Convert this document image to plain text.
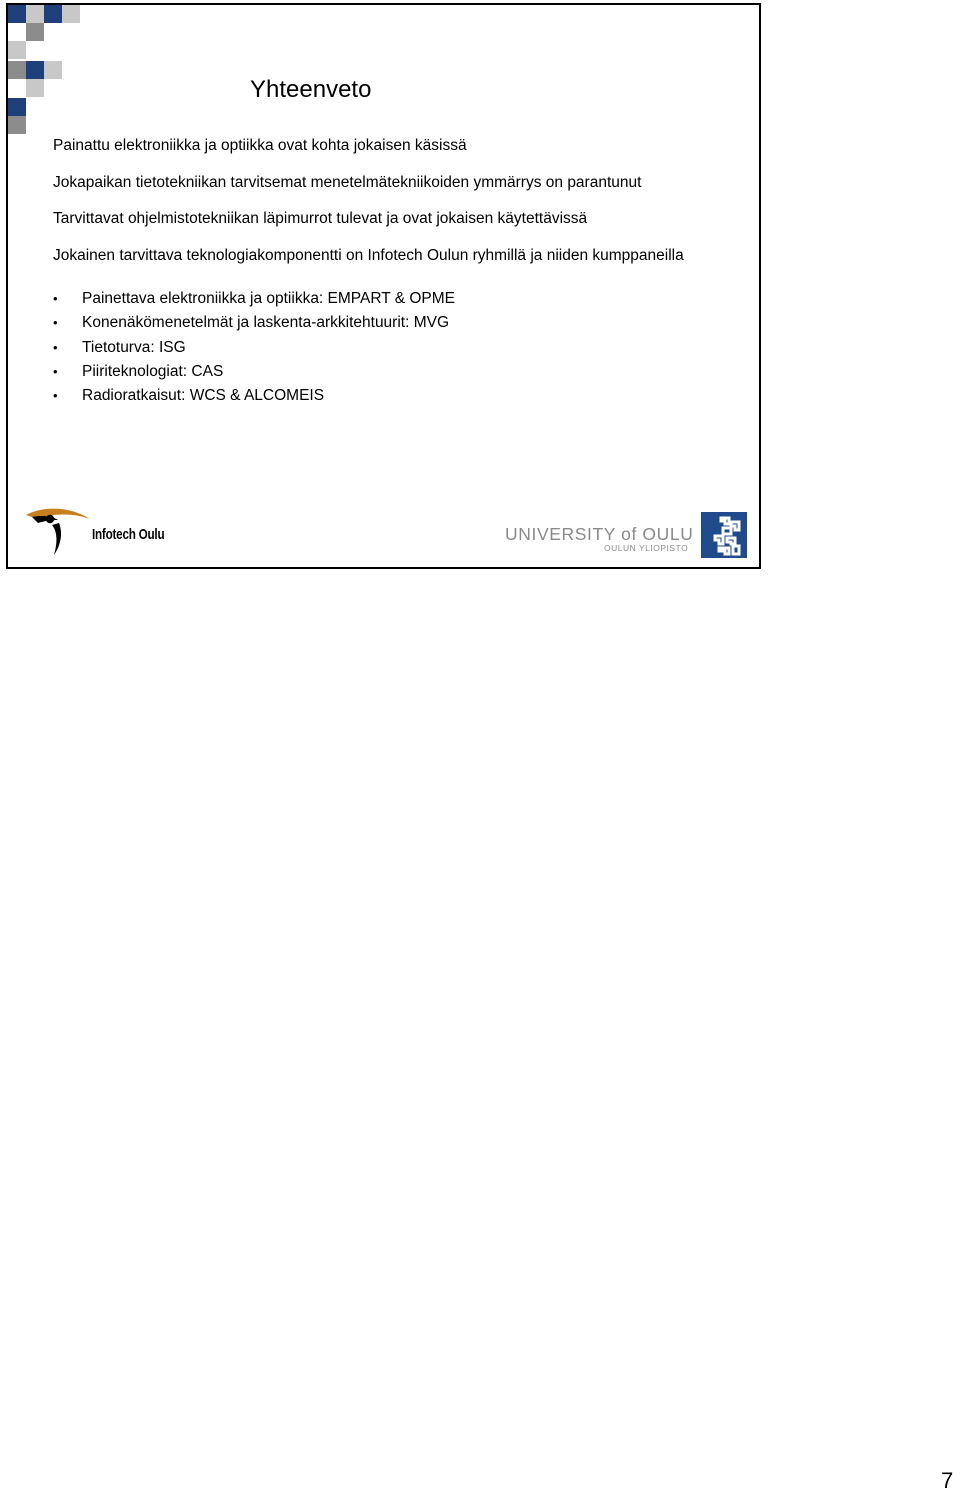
Yhteenveto
Painattu elektroniikka ja optiikka ovat kohta jokaisen käsissä
Jokapaikan tietotekniikan tarvitsemat menetelmätekniikoiden ymmärrys on parantunut
Tarvittavat ohjelmistotekniikan läpimurrot tulevat ja ovat jokaisen käytettävissä
Jokainen tarvittava teknologiakomponentti on Infotech Oulun ryhmillä ja niiden kumppaneilla
• Painettava elektroniikka ja optiikka: EMPART & OPME
• Konenäkömenetelmät ja laskenta-arkkitehtuurit: MVG
• Tietoturva: ISG
• Piiriteknologiat: CAS
• Radioratkaisut: WCS & ALCOMEIS
Infotech Oulu	UNIVERSITY of OULU
OULUN YLIOPISTO
7
